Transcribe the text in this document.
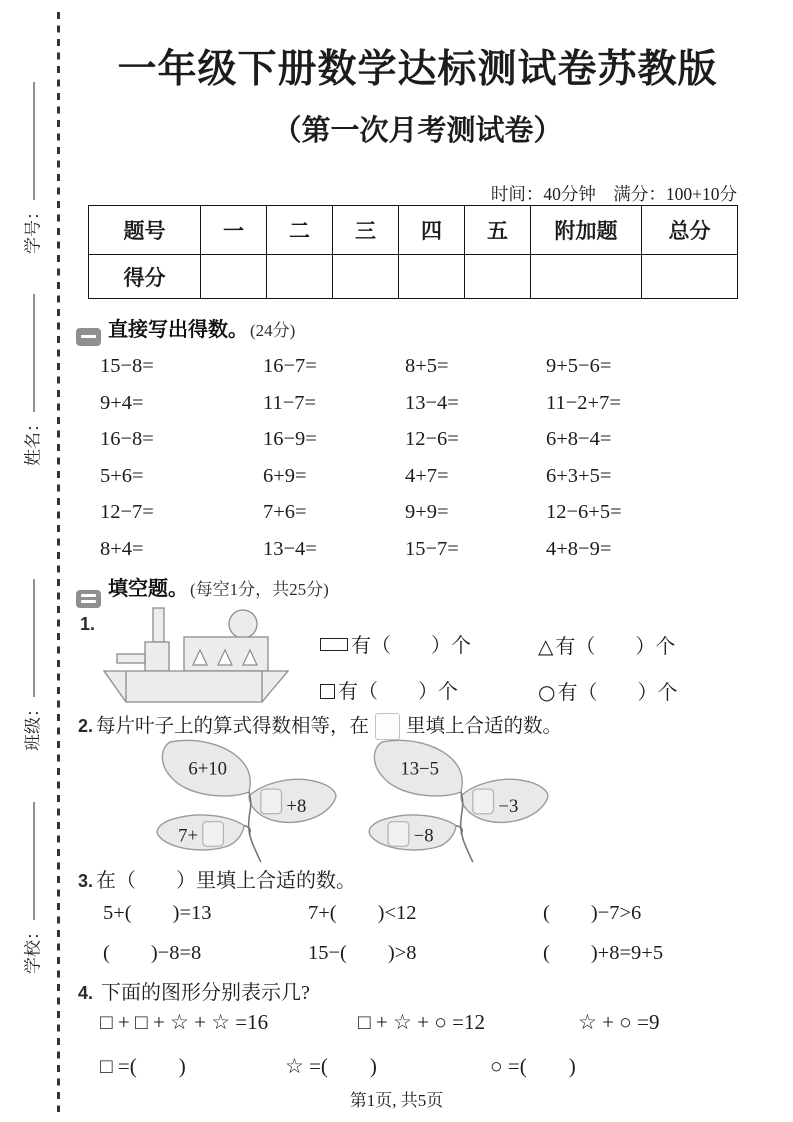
学号：
姓名：
班级：
学校：
一年级下册数学达标测试卷苏教版
（第一次月考测试卷）
时间：40分钟　满分：100+10分
题号	一	二	三	四	五	附加题	总分
得分							
直接写出得数。 (24分)
15−8=	16−7=	8+5=	9+5−6=
9+4=	11−7=	13−4=	11−2+7=
16−8=	16−9=	12−6=	6+8−4=
5+6=	6+9=	4+7=	6+3+5=
12−7=	7+6=	9+9=	12−6+5=
8+4=	13−4=	15−7=	4+8−9=
填空题。 (每空1分，共25分)
1.
有（　　）个	△ 有（　　）个
有（　　）个	○ 有（　　）个
2. 每片叶子上的算式得数相等，在 里填上合适的数。
6+10
+8
7+
13−5
−3
−8
3. 在（　　）里填上合适的数。
5+(　　)=13	7+(　　)<12	(　　)−7>6
(　　)−8=8	15−(　　)>8	(　　)+8=9+5
4. 下面的图形分别表示几?
□ + □ + ☆ + ☆ =16	□ + ☆ + ○ =12	☆ + ○ =9
□ =(　　)	☆ =(　　)	○ =(　　)
第1页, 共5页
